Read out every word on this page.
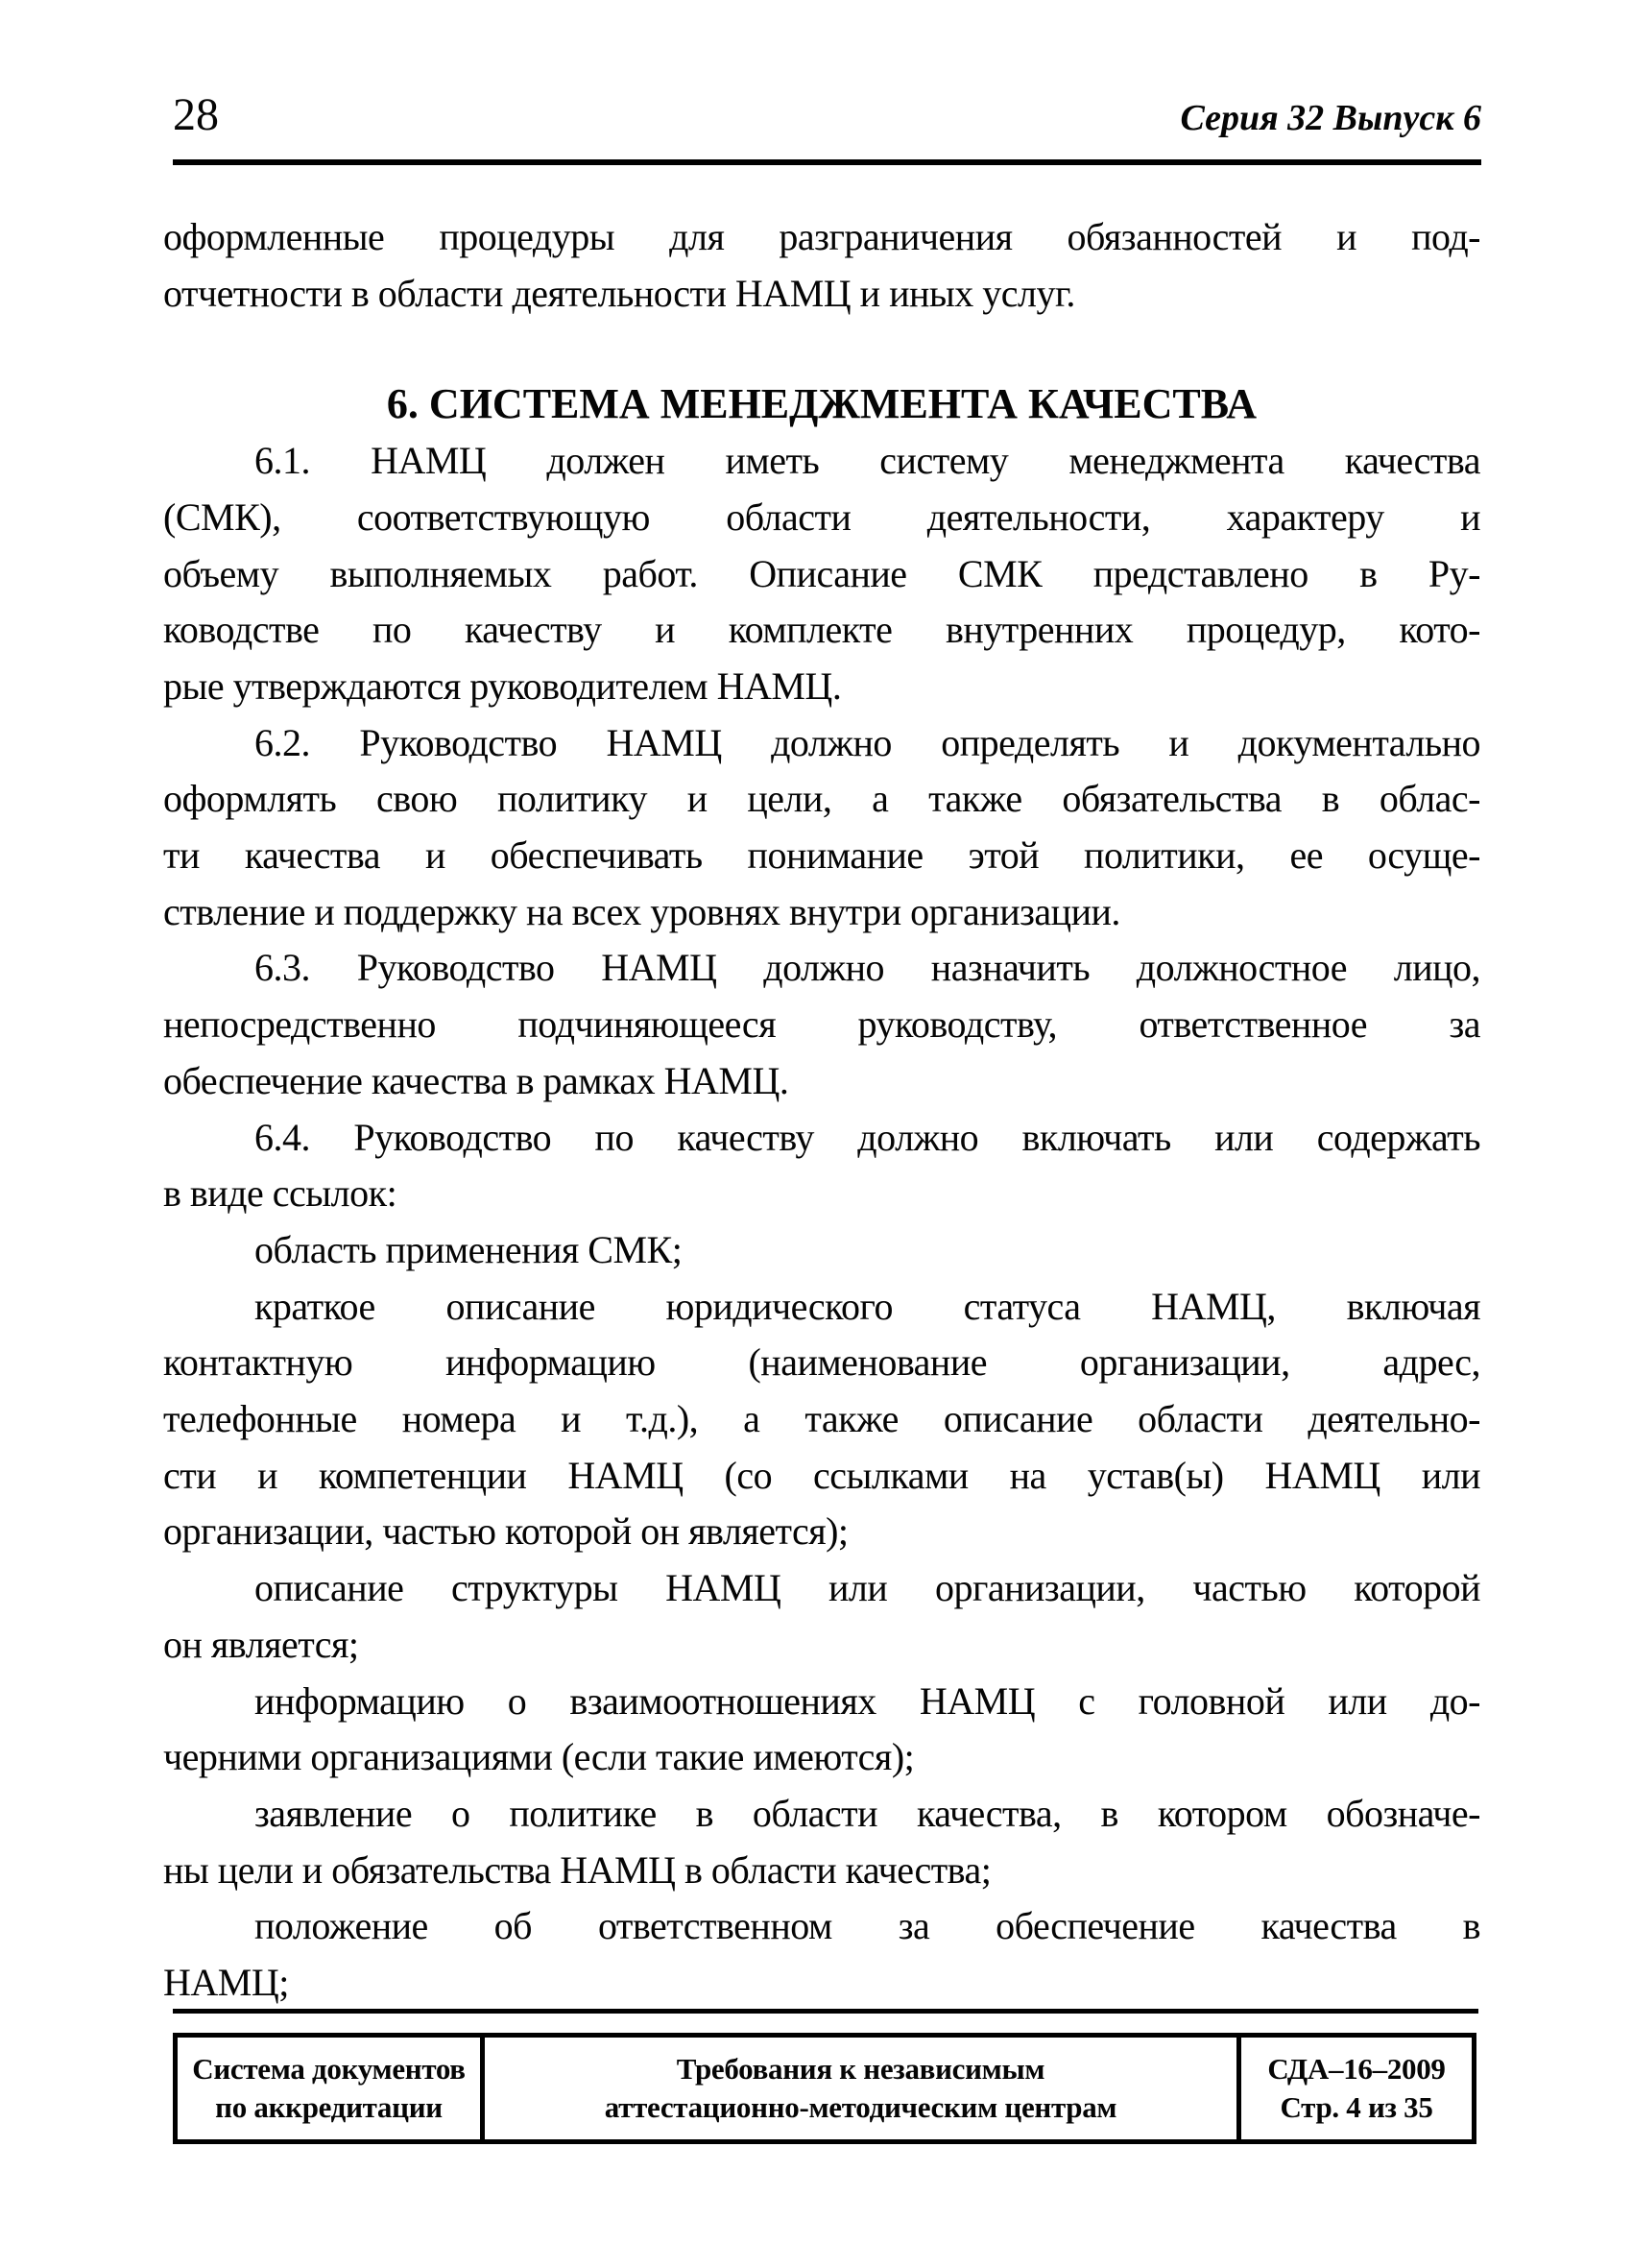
28	Серия 32 Выпуск 6
оформленные процедуры для разграничения обязанностей и под-
отчетности в области деятельности НАМЦ и иных услуг.
6. СИСТЕМА МЕНЕДЖМЕНТА КАЧЕСТВА
6.1. НАМЦ должен иметь систему менеджмента качества
(СМК), соответствующую области деятельности, характеру и
объему выполняемых работ. Описание СМК представлено в Ру-
ководстве по качеству и комплекте внутренних процедур, кото-
рые утверждаются руководителем НАМЦ.
6.2. Руководство НАМЦ должно определять и документально
оформлять свою политику и цели, а также обязательства в облас-
ти качества и обеспечивать понимание этой политики, ее осуще-
ствление и поддержку на всех уровнях внутри организации.
6.3. Руководство НАМЦ должно назначить должностное лицо,
непосредственно подчиняющееся руководству, ответственное за
обеспечение качества в рамках НАМЦ.
6.4. Руководство по качеству должно включать или содержать
в виде ссылок:
область применения СМК;
краткое описание юридического статуса НАМЦ, включая
контактную информацию (наименование организации, адрес,
телефонные номера и т.д.), а также описание области деятельно-
сти и компетенции НАМЦ (со ссылками на устав(ы) НАМЦ или
организации, частью которой он является);
описание структуры НАМЦ или организации, частью которой
он является;
информацию о взаимоотношениях НАМЦ с головной или до-
черними организациями (если такие имеются);
заявление о политике в области качества, в котором обозначе-
ны цели и обязательства НАМЦ в области качества;
положение об ответственном за обеспечение качества в
НАМЦ;
Система документов
по аккредитации
Требования к независимым
аттестационно-методическим центрам
СДА–16–2009
Стр. 4 из 35
